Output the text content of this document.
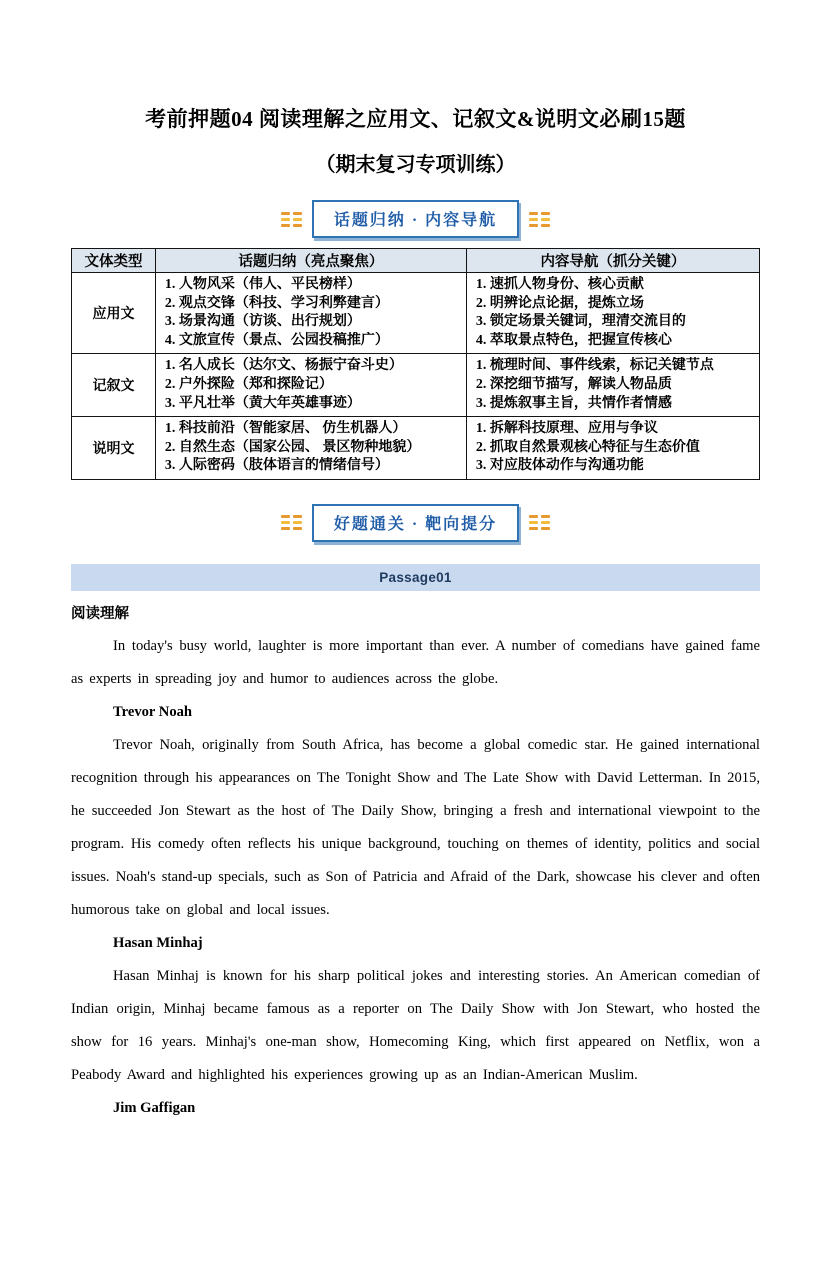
考前押题04 阅读理解之应用文、记叙文&说明文必刷15题
（期末复习专项训练）
话题归纳 · 内容导航
文体类型	话题归纳（亮点聚焦）	内容导航（抓分关键）
应用文	
1. 人物风采（伟人、平民榜样）
2. 观点交锋（科技、学习利弊建言）
3. 场景沟通（访谈、出行规划）
4. 文旅宣传（景点、公园投稿推广）

1. 速抓人物身份、核心贡献
2. 明辨论点论据，提炼立场
3. 锁定场景关键词，理清交流目的
4. 萃取景点特色，把握宣传核心

记叙文	
1. 名人成长（达尔文、杨振宁奋斗史）
2. 户外探险（郑和探险记）
3. 平凡壮举（黄大年英雄事迹）

1. 梳理时间、事件线索，标记关键节点
2. 深挖细节描写，解读人物品质
3. 提炼叙事主旨，共情作者情感

说明文	
1. 科技前沿（智能家居、 仿生机器人）
2. 自然生态（国家公园、 景区物种地貌）
3. 人际密码（肢体语言的情绪信号）

1. 拆解科技原理、应用与争议
2. 抓取自然景观核心特征与生态价值
3. 对应肢体动作与沟通功能
好题通关 · 靶向提分
Passage01
阅读理解

In today's busy world, laughter is more important than ever. A number of comedians have gained fame as experts in spreading joy and humor to audiences across the globe.

Trevor Noah

Trevor Noah, originally from South Africa, has become a global comedic star. He gained international recognition through his appearances on The Tonight Show and The Late Show with David Letterman. In 2015, he succeeded Jon Stewart as the host of The Daily Show, bringing a fresh and international viewpoint to the program. His comedy often reflects his unique background, touching on themes of identity, politics and social issues. Noah's stand-up specials, such as Son of Patricia and Afraid of the Dark, showcase his clever and often humorous take on global and local issues.

Hasan Minhaj

Hasan Minhaj is known for his sharp political jokes and interesting stories. An American comedian of Indian origin, Minhaj became famous as a reporter on The Daily Show with Jon Stewart, who hosted the show for 16 years. Minhaj's one-man show, Homecoming King, which first appeared on Netflix, won a Peabody Award and highlighted his experiences growing up as an Indian-American Muslim.

Jim Gaffigan
